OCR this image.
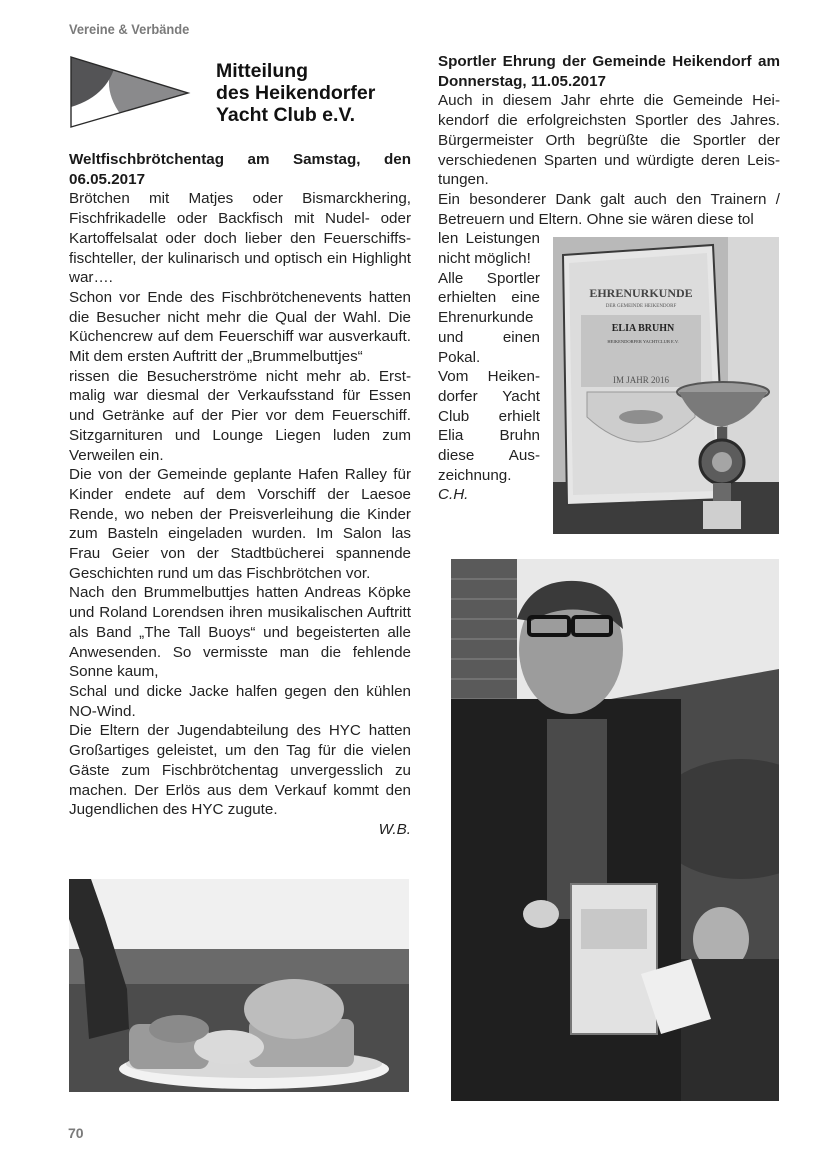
Vereine & Verbände
Mitteilung
des Heikendorfer
Yacht Club e.V.

Weltfischbrötchentag am Samstag, den 06.05.2017

Brötchen mit Matjes oder Bismarckhering, Fischfrikadelle oder Backfisch mit Nudel- oder Kartoffelsalat oder doch lieber den Feuerschiffsfischteller, der kulinarisch und optisch ein Highlight war….

Schon vor Ende des Fischbrötchenevents hatten die Besucher nicht mehr die Qual der Wahl. Die Küchencrew auf dem Feuerschiff war ausverkauft. Mit dem ersten Auftritt der „Brummelbuttjes“

rissen die Besucherströme nicht mehr ab. Erstmalig war diesmal der Verkaufsstand für Essen und Getränke auf der Pier vor dem Feuerschiff. Sitzgarnituren und Lounge Liegen luden zum Verweilen ein.

Die von der Gemeinde geplante Hafen Ralley für Kinder endete auf dem Vorschiff der Laesoe Rende, wo neben der Preisverleihung die Kinder zum Basteln eingeladen wurden. Im Salon las Frau Geier von der Stadtbücherei spannende Geschichten rund um das Fischbrötchen vor.

Nach den Brummelbuttjes hatten Andreas Köpke und Roland Lorendsen ihren musikalischen Auftritt als Band „The Tall Buoys“ und begeisterten alle Anwesenden. So vermisste man die fehlende Sonne kaum,

Schal und dicke Jacke halfen gegen den kühlen NO-Wind.

Die Eltern der Jugendabteilung des HYC hatten Großartiges geleistet, um den Tag für die vielen Gäste zum Fischbrötchentag unvergesslich zu machen. Der Erlös aus dem Verkauf kommt den Jugendlichen des HYC zugute.

W.B.

Sportler Ehrung der Gemeinde Heikendorf am Donnerstag, 11.05.2017

Auch in diesem Jahr ehrte die Gemeinde Heikendorf die erfolgreichsten Sportler des Jahres. Bürgermeister Orth begrüßte die Sportler der verschiedenen Sparten und würdigte deren Leistungen.

Ein besonderer Dank galt auch den Trainern / Betreuern und Eltern. Ohne sie wären diese tol

len Leistungen nicht möglich!

Alle Sportler erhielten eine Ehrenurkunde und einen Pokal.

Vom Heikendorfer Yacht Club erhielt Elia Bruhn diese Auszeichnung.

C.H.

EHRENURKUNDE
DER GEMEINDE HEIKENDORF
ELIA BRUHN
HEIKENDORFER YACHTCLUB E.V.
IM JAHR 2016
70
